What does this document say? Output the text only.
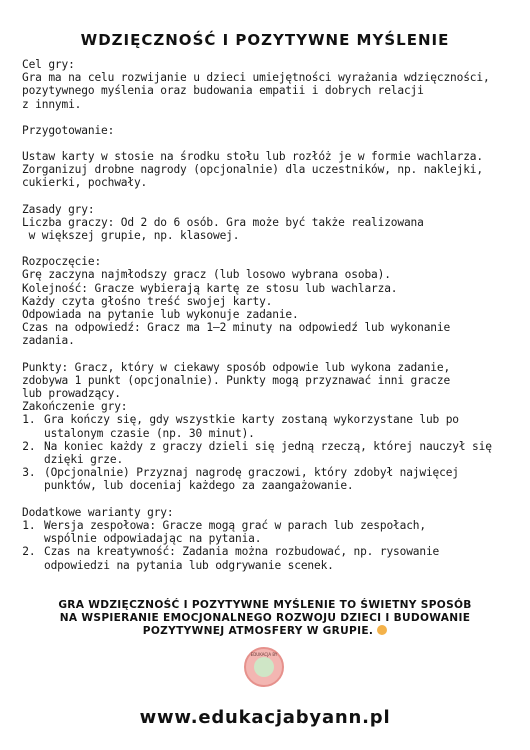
WDZIĘCZNOŚĆ I POZYTYWNE MYŚLENIE
Cel gry:
Gra ma na celu rozwijanie u dzieci umiejętności wyrażania wdzięczności,
pozytywnego myślenia oraz budowania empatii i dobrych relacji
z innymi.
Przygotowanie:
Ustaw karty w stosie na środku stołu lub rozłóż je w formie wachlarza.
Zorganizuj drobne nagrody (opcjonalnie) dla uczestników, np. naklejki,
cukierki, pochwały.
Zasady gry:
Liczba graczy: Od 2 do 6 osób. Gra może być także realizowana
w większej grupie, np. klasowej.
Rozpoczęcie:
Grę zaczyna najmłodszy gracz (lub losowo wybrana osoba).
Kolejność: Gracze wybierają kartę ze stosu lub wachlarza.
Każdy czyta głośno treść swojej karty.
Odpowiada na pytanie lub wykonuje zadanie.
Czas na odpowiedź: Gracz ma 1–2 minuty na odpowiedź lub wykonanie
zadania.
Punkty: Gracz, który w ciekawy sposób odpowie lub wykona zadanie,
zdobywa 1 punkt (opcjonalnie). Punkty mogą przyznawać inni gracze
lub prowadzący.
Zakończenie gry:
1. Gra kończy się, gdy wszystkie karty zostaną wykorzystane lub po
ustalonym czasie (np. 30 minut).
2. Na koniec każdy z graczy dzieli się jedną rzeczą, której nauczył się
dzięki grze.
3. (Opcjonalnie) Przyznaj nagrodę graczowi, który zdobył najwięcej
punktów, lub doceniaj każdego za zaangażowanie.
Dodatkowe warianty gry:
1. Wersja zespołowa: Gracze mogą grać w parach lub zespołach,
wspólnie odpowiadając na pytania.
2. Czas na kreatywność: Zadania można rozbudować, np. rysowanie
odpowiedzi na pytania lub odgrywanie scenek.
GRA WDZIĘCZNOŚĆ I POZYTYWNE MYŚLENIE TO ŚWIETNY SPOSÓB
NA WSPIERANIE EMOCJONALNEGO ROZWOJU DZIECI I BUDOWANIE
POZYTYWNEJ ATMOSFERY W GRUPIE.
EDUKACJA BY
www.edukacjabyann.pl
